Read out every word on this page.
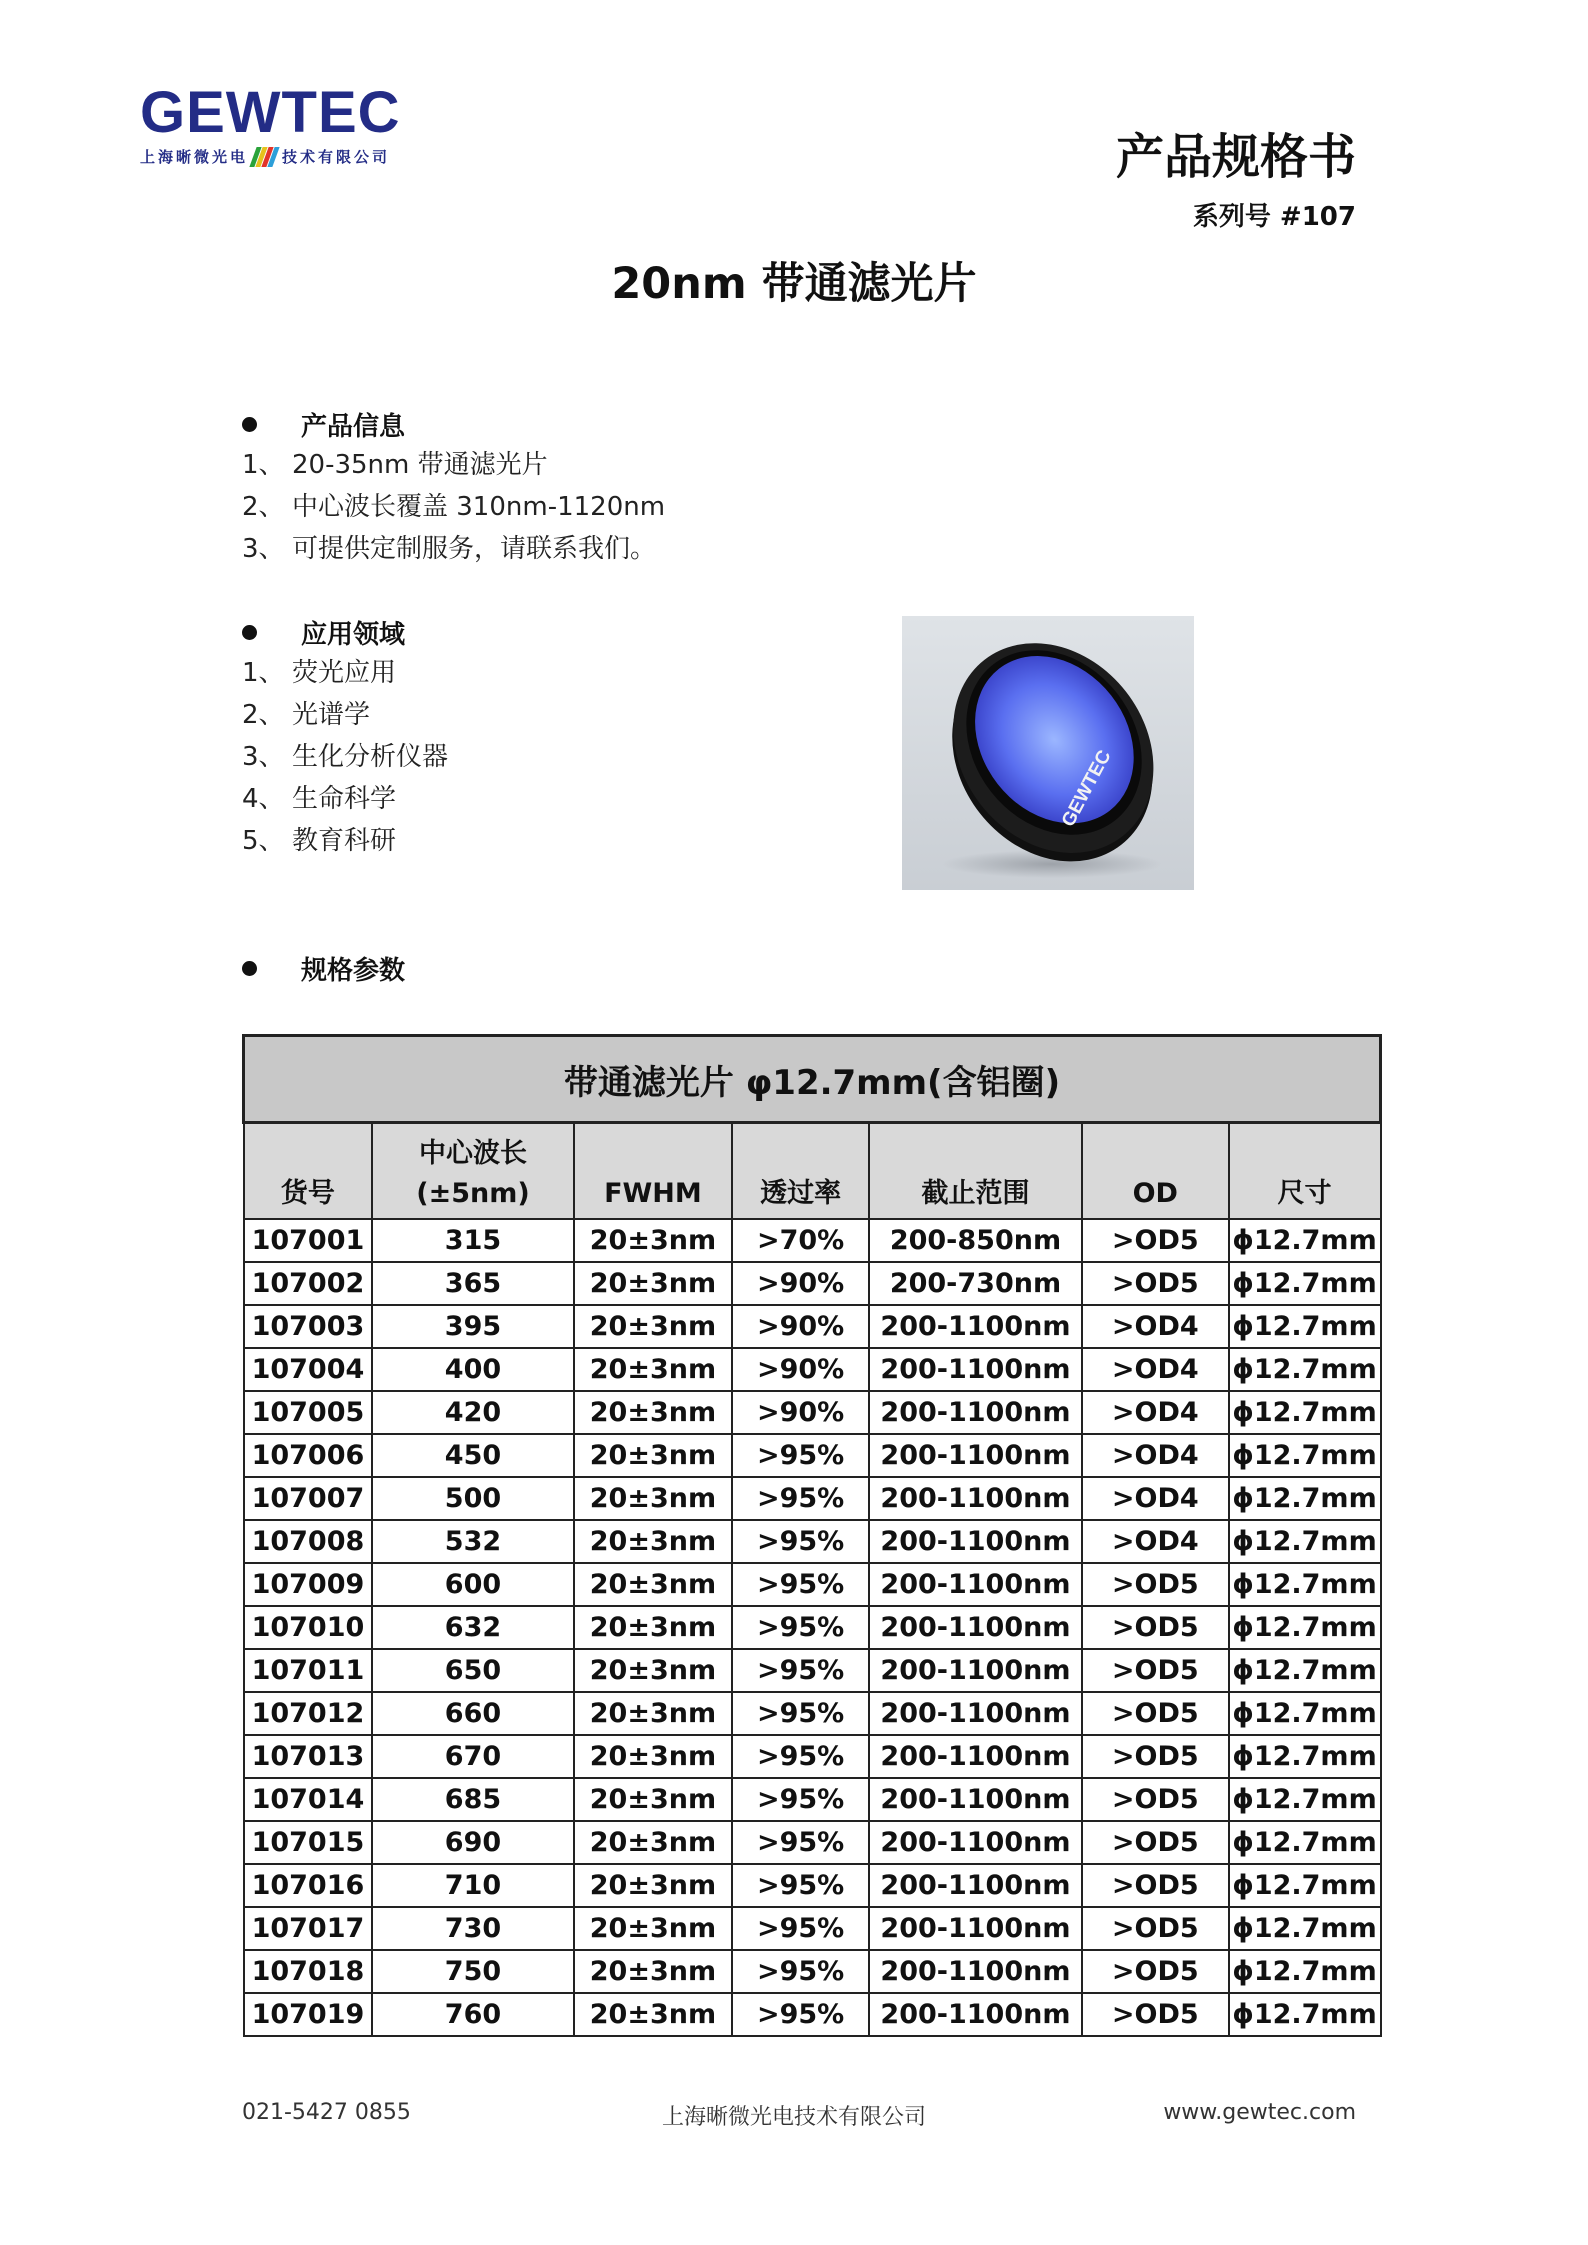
GEWTEC
上海晰微光电 技术有限公司	产品规格书
系列号 #107
20nm 带通滤光片
产品信息
1、 20-35nm 带通滤光片
2、 中心波长覆盖 310nm-1120nm
3、 可提供定制服务，请联系我们。
应用领域
1、 荧光应用
2、 光谱学
3、 生化分析仪器
4、 生命科学
5、 教育科研
GEWTEC
规格参数
带通滤光片 φ12.7mm(含铝圈)						
货号	中心波长
(±5nm)	FWHM	透过率	截止范围	OD	尺寸
107001	315	20±3nm	>70%	200-850nm	>OD5	ϕ12.7mm
107002	365	20±3nm	>90%	200-730nm	>OD5	ϕ12.7mm
107003	395	20±3nm	>90%	200-1100nm	>OD4	ϕ12.7mm
107004	400	20±3nm	>90%	200-1100nm	>OD4	ϕ12.7mm
107005	420	20±3nm	>90%	200-1100nm	>OD4	ϕ12.7mm
107006	450	20±3nm	>95%	200-1100nm	>OD4	ϕ12.7mm
107007	500	20±3nm	>95%	200-1100nm	>OD4	ϕ12.7mm
107008	532	20±3nm	>95%	200-1100nm	>OD4	ϕ12.7mm
107009	600	20±3nm	>95%	200-1100nm	>OD5	ϕ12.7mm
107010	632	20±3nm	>95%	200-1100nm	>OD5	ϕ12.7mm
107011	650	20±3nm	>95%	200-1100nm	>OD5	ϕ12.7mm
107012	660	20±3nm	>95%	200-1100nm	>OD5	ϕ12.7mm
107013	670	20±3nm	>95%	200-1100nm	>OD5	ϕ12.7mm
107014	685	20±3nm	>95%	200-1100nm	>OD5	ϕ12.7mm
107015	690	20±3nm	>95%	200-1100nm	>OD5	ϕ12.7mm
107016	710	20±3nm	>95%	200-1100nm	>OD5	ϕ12.7mm
107017	730	20±3nm	>95%	200-1100nm	>OD5	ϕ12.7mm
107018	750	20±3nm	>95%	200-1100nm	>OD5	ϕ12.7mm
107019	760	20±3nm	>95%	200-1100nm	>OD5	ϕ12.7mm
021-5427 0855	上海晰微光电技术有限公司	www.gewtec.com
